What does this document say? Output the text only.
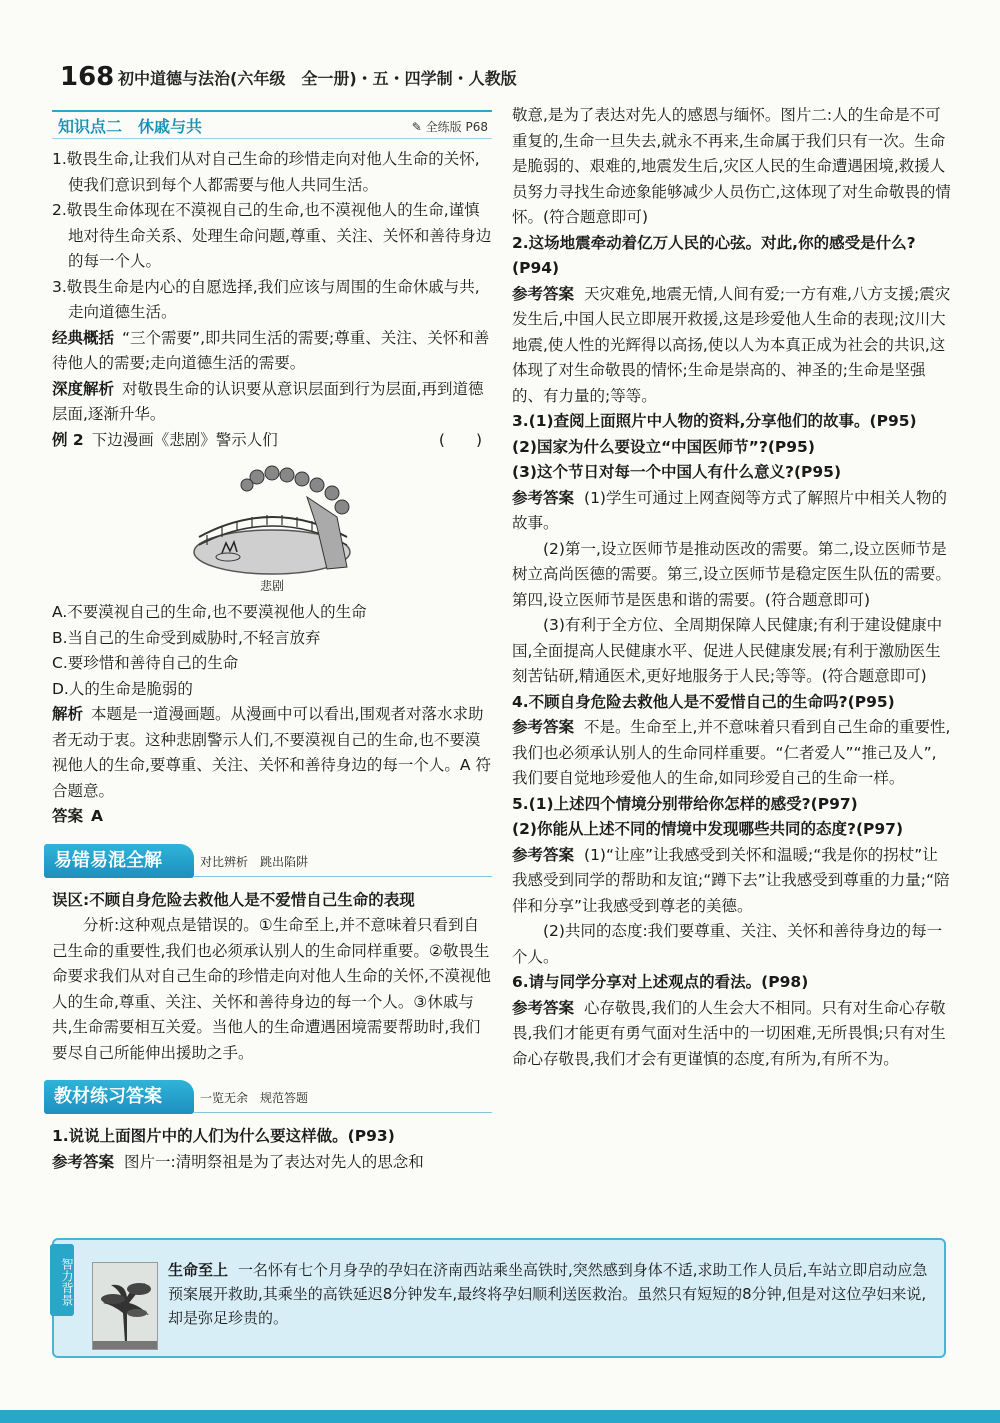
168 初中道德与法治(六年级　全一册)・五・四学制・人教版
知识点二　休戚与共	✎ 全练版 P68

1.敬畏生命,让我们从对自己生命的珍惜走向对他人生命的关怀,使我们意识到每个人都需要与他人共同生活。

2.敬畏生命体现在不漠视自己的生命,也不漠视他人的生命,谨慎地对待生命关系、处理生命问题,尊重、关注、关怀和善待身边的每一个人。

3.敬畏生命是内心的自愿选择,我们应该与周围的生命休戚与共,走向道德生活。

经典概括 “三个需要”,即共同生活的需要;尊重、关注、关怀和善待他人的需要;走向道德生活的需要。

深度解析 对敬畏生命的认识要从意识层面到行为层面,再到道德层面,逐渐升华。

例 2 下边漫画《悲剧》警示人们	(　　)

悲剧

A.不要漠视自己的生命,也不要漠视他人的生命

B.当自己的生命受到威胁时,不轻言放弃

C.要珍惜和善待自己的生命

D.人的生命是脆弱的

解析 本题是一道漫画题。从漫画中可以看出,围观者对落水求助者无动于衷。这种悲剧警示人们,不要漠视自己的生命,也不要漠视他人的生命,要尊重、关注、关怀和善待身边的每一个人。A 符合题意。

答案 A

易错易混全解	对比辨析　跳出陷阱

误区:不顾自身危险去救他人是不爱惜自己生命的表现

分析:这种观点是错误的。①生命至上,并不意味着只看到自己生命的重要性,我们也必须承认别人的生命同样重要。②敬畏生命要求我们从对自己生命的珍惜走向对他人生命的关怀,不漠视他人的生命,尊重、关注、关怀和善待身边的每一个人。③休戚与共,生命需要相互关爱。当他人的生命遭遇困境需要帮助时,我们要尽自己所能伸出援助之手。

教材练习答案	一览无余　规范答题

1.说说上面图片中的人们为什么要这样做。(P93)

参考答案 图片一:清明祭祖是为了表达对先人的思念和

敬意,是为了表达对先人的感恩与缅怀。图片二:人的生命是不可重复的,生命一旦失去,就永不再来,生命属于我们只有一次。生命是脆弱的、艰难的,地震发生后,灾区人民的生命遭遇困境,救援人员努力寻找生命迹象能够减少人员伤亡,这体现了对生命敬畏的情怀。(符合题意即可)

2.这场地震牵动着亿万人民的心弦。对此,你的感受是什么?(P94)

参考答案 天灾难免,地震无情,人间有爱;一方有难,八方支援;震灾发生后,中国人民立即展开救援,这是珍爱他人生命的表现;汶川大地震,使人性的光辉得以高扬,使以人为本真正成为社会的共识,这体现了对生命敬畏的情怀;生命是崇高的、神圣的;生命是坚强的、有力量的;等等。

3.(1)查阅上面照片中人物的资料,分享他们的故事。(P95)

(2)国家为什么要设立“中国医师节”?(P95)

(3)这个节日对每一个中国人有什么意义?(P95)

参考答案 (1)学生可通过上网查阅等方式了解照片中相关人物的故事。

(2)第一,设立医师节是推动医改的需要。第二,设立医师节是树立高尚医德的需要。第三,设立医师节是稳定医生队伍的需要。第四,设立医师节是医患和谐的需要。(符合题意即可)

(3)有利于全方位、全周期保障人民健康;有利于建设健康中国,全面提高人民健康水平、促进人民健康发展;有利于激励医生刻苦钻研,精通医术,更好地服务于人民;等等。(符合题意即可)

4.不顾自身危险去救他人是不爱惜自己的生命吗?(P95)

参考答案 不是。生命至上,并不意味着只看到自己生命的重要性,我们也必须承认别人的生命同样重要。“仁者爱人”“推己及人”,我们要自觉地珍爱他人的生命,如同珍爱自己的生命一样。

5.(1)上述四个情境分别带给你怎样的感受?(P97)

(2)你能从上述不同的情境中发现哪些共同的态度?(P97)

参考答案 (1)“让座”让我感受到关怀和温暖;“我是你的拐杖”让我感受到同学的帮助和友谊;“蹲下去”让我感受到尊重的力量;“陪伴和分享”让我感受到尊老的美德。

(2)共同的态度:我们要尊重、关注、关怀和善待身边的每一个人。

6.请与同学分享对上述观点的看法。(P98)

参考答案 心存敬畏,我们的人生会大不相同。只有对生命心存敬畏,我们才能更有勇气面对生活中的一切困难,无所畏惧;只有对生命心存敬畏,我们才会有更谨慎的态度,有所为,有所不为。

智力背景	生命至上 一名怀有七个月身孕的孕妇在济南西站乘坐高铁时,突然感到身体不适,求助工作人员后,车站立即启动应急预案展开救助,其乘坐的高铁延迟8分钟发车,最终将孕妇顺利送医救治。虽然只有短短的8分钟,但是对这位孕妇来说,却是弥足珍贵的。
